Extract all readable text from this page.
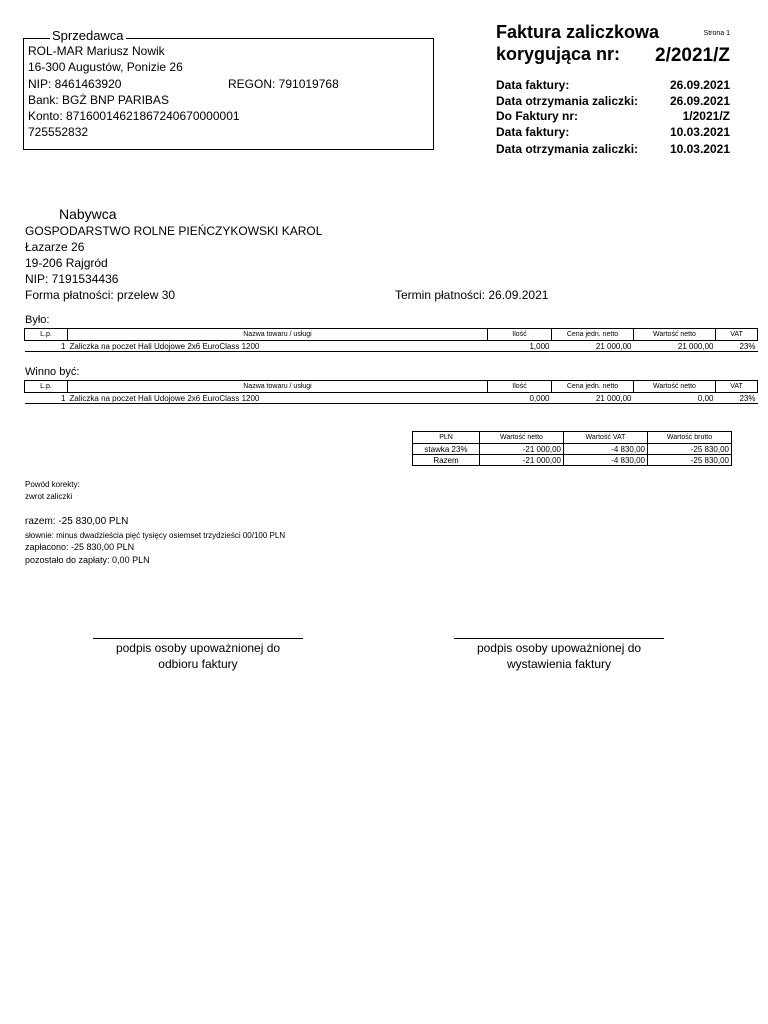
Sprzedawca
ROL-MAR Mariusz Nowik
16-300 Augustów, Ponizie 26
NIP: 8461463920	REGON: 791019768
Bank: BGŻ BNP PARIBAS
Konto: 87160014621867240670000001
725552832
Faktura zaliczkowa
korygująca nr: 2/2021/Z
Strona 1
Data faktury:	26.09.2021
Data otrzymania zaliczki:	26.09.2021
Do Faktury nr:	1/2021/Z
Data faktury:	10.03.2021
Data otrzymania zaliczki:	10.03.2021
Nabywca
GOSPODARSTWO ROLNE PIEŃCZYKOWSKI KAROL
Łazarze 26
19-206 Rajgród
NIP: 7191534436
Forma płatności: przelew 30	Termin płatności: 26.09.2021
Było:
L.p.	Nazwa towaru / usługi	Ilość	Cena jedn. netto	Wartość netto	VAT
1	Zaliczka na poczet Hali Udojowe 2x6 EuroClass 1200	1,000	21 000,00	21 000,00	23%
Winno być:
L.p.	Nazwa towaru / usługi	Ilość	Cena jedn. netto	Wartość netto	VAT
1	Zaliczka na poczet Hali Udojowe 2x6 EuroClass 1200	0,000	21 000,00	0,00	23%
PLN	Wartość netto	Wartość VAT	Wartość brutto
stawka 23%	-21 000,00	-4 830,00	-25 830,00
Razem	-21 000,00	-4 830,00	-25 830,00
Powód korekty:
zwrot zaliczki
razem: -25 830,00 PLN
słownie: minus dwadzieścia pięć tysięcy osiemset trzydzieści 00/100 PLN
zapłacono: -25 830,00 PLN
pozostało do zapłaty: 0,00 PLN
podpis osoby upoważnionej do
odbioru faktury
podpis osoby upoważnionej do
wystawienia faktury
